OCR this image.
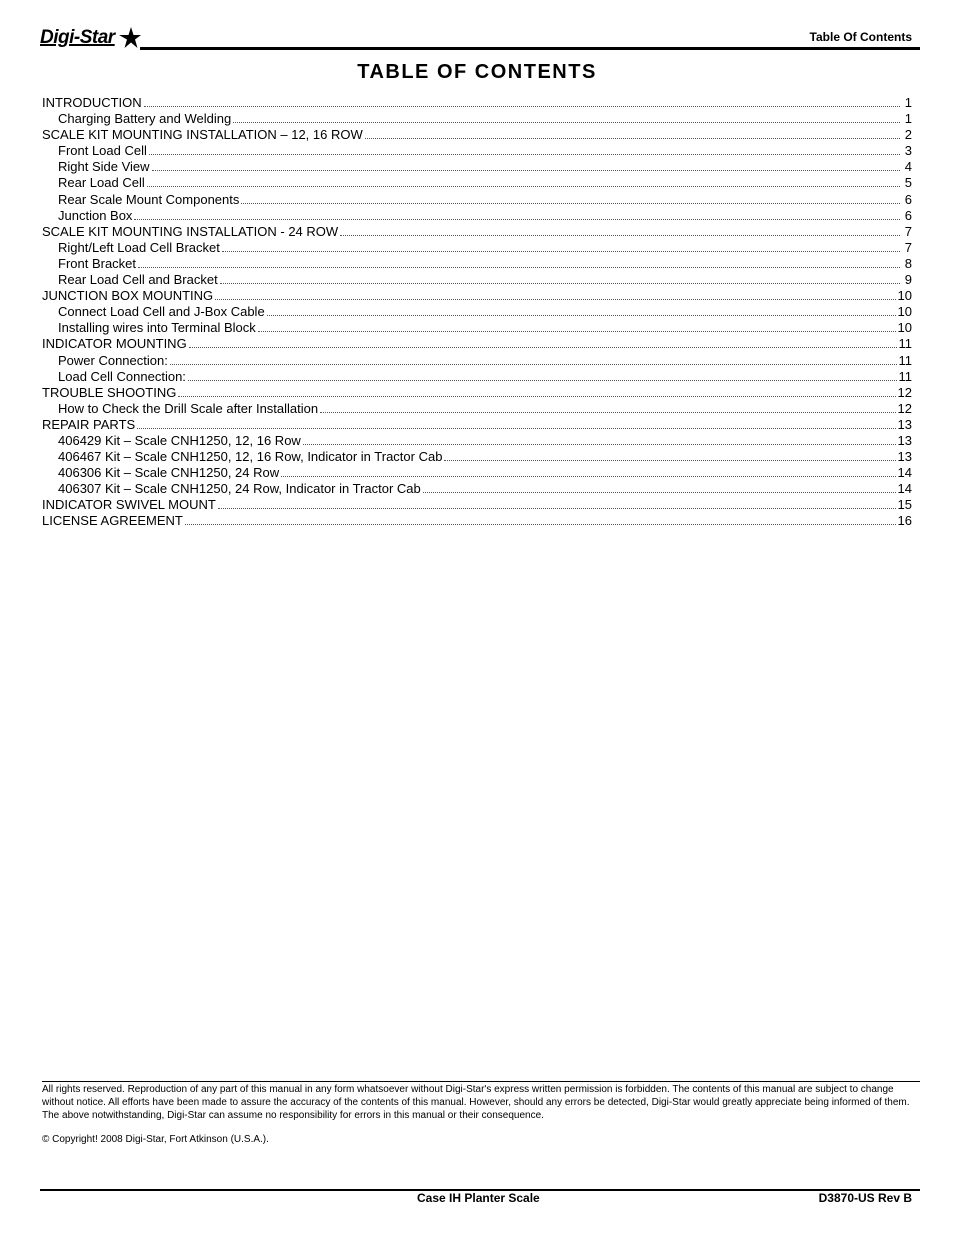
Digi-Star	Table Of Contents
TABLE OF CONTENTS
INTRODUCTION	1
Charging Battery and Welding	1
SCALE KIT MOUNTING INSTALLATION – 12, 16 ROW	2
Front Load Cell	3
Right Side View	4
Rear Load Cell	5
Rear Scale Mount Components	6
Junction Box	6
SCALE KIT MOUNTING INSTALLATION - 24 ROW	7
Right/Left Load Cell Bracket	7
Front Bracket	8
Rear Load Cell and Bracket	9
JUNCTION BOX MOUNTING	10
Connect Load Cell and J-Box Cable	10
Installing wires into Terminal Block	10
INDICATOR MOUNTING	11
Power Connection:	11
Load Cell Connection:	11
TROUBLE SHOOTING	12
How to Check the Drill Scale after Installation	12
REPAIR PARTS	13
406429 Kit – Scale CNH1250, 12, 16 Row	13
406467 Kit – Scale CNH1250, 12, 16 Row, Indicator in Tractor Cab	13
406306 Kit – Scale CNH1250, 24 Row	14
406307 Kit – Scale CNH1250, 24 Row, Indicator in Tractor Cab	14
INDICATOR SWIVEL MOUNT	15
LICENSE AGREEMENT	16
All rights reserved. Reproduction of any part of this manual in any form whatsoever without Digi-Star's express written permission is forbidden. The contents of this manual are subject to change without notice. All efforts have been made to assure the accuracy of the contents of this manual. However, should any errors be detected, Digi-Star would greatly appreciate being informed of them. The above notwithstanding, Digi-Star can assume no responsibility for errors in this manual or their consequence.
© Copyright! 2008 Digi-Star, Fort Atkinson (U.S.A.).
Case IH Planter Scale	D3870-US Rev B
